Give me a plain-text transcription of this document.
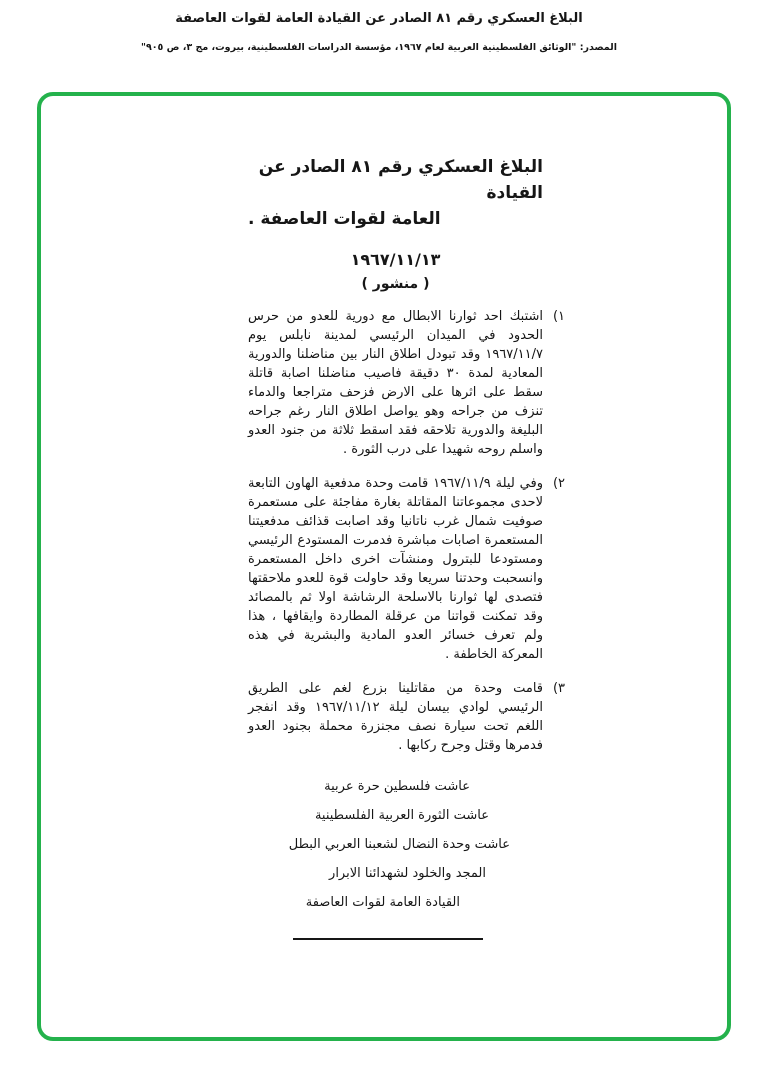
البلاغ العسكري رقم ٨١ الصادر عن القيادة العامة لقوات العاصفة
المصدر: "الوثائق الفلسطينية العربية لعام ١٩٦٧، مؤسسة الدراسات الفلسطينية، بيروت، مج ٣، ص ٩٠٥"
البلاغ العسكري رقم ٨١ الصادر عن القيادة
العامة لقوات العاصفة .
١٩٦٧/١١/١٣
( منشور )
١)
اشتبك احد ثوارنا الابطال مع دورية للعدو من حرس الحدود في الميدان الرئيسي لمدينة نابلس يوم ١٩٦٧/١١/٧ وقد تبودل اطلاق النار بين مناضلنا والدورية المعادية لمدة ٣٠ دقيقة فاصيب مناضلنا اصابة قاتلة سقط على اثرها على الارض فزحف متراجعا والدماء تنزف من جراحه وهو يواصل اطلاق النار رغم جراحه البليغة والدورية تلاحقه فقد اسقط ثلاثة من جنود العدو واسلم روحه شهيدا على درب الثورة .
٢)
وفي ليلة ١٩٦٧/١١/٩ قامت وحدة مدفعية الهاون التابعة لاحدى مجموعاتنا المقاتلة بغارة مفاجئة على مستعمرة صوفيت شمال غرب ناتانيا وقد اصابت قذائف مدفعيتنا المستعمرة اصابات مباشرة فدمرت المستودع الرئيسي ومستودعا للبترول ومنشآت اخرى داخل المستعمرة وانسحبت وحدتنا سريعا وقد حاولت قوة للعدو ملاحقتها فتصدى لها ثوارنا بالاسلحة الرشاشة اولا ثم بالمصائد وقد تمكنت قواتنا من عرقلة المطاردة وايقافها ، هذا ولم تعرف خسائر العدو المادية والبشرية في هذه المعركة الخاطفة .
٣)
قامت وحدة من مقاتلينا بزرع لغم على الطريق الرئيسي لوادي بيسان ليلة ١٩٦٧/١١/١٢ وقد انفجر اللغم تحت سيارة نصف مجنزرة محملة بجنود العدو فدمرها وقتل وجرح ركابها .
عاشت فلسطين حرة عربية
عاشت الثورة العربية الفلسطينية
عاشت وحدة النضال لشعبنا العربي البطل
المجد والخلود لشهدائنا الابرار
القيادة العامة لقوات العاصفة
